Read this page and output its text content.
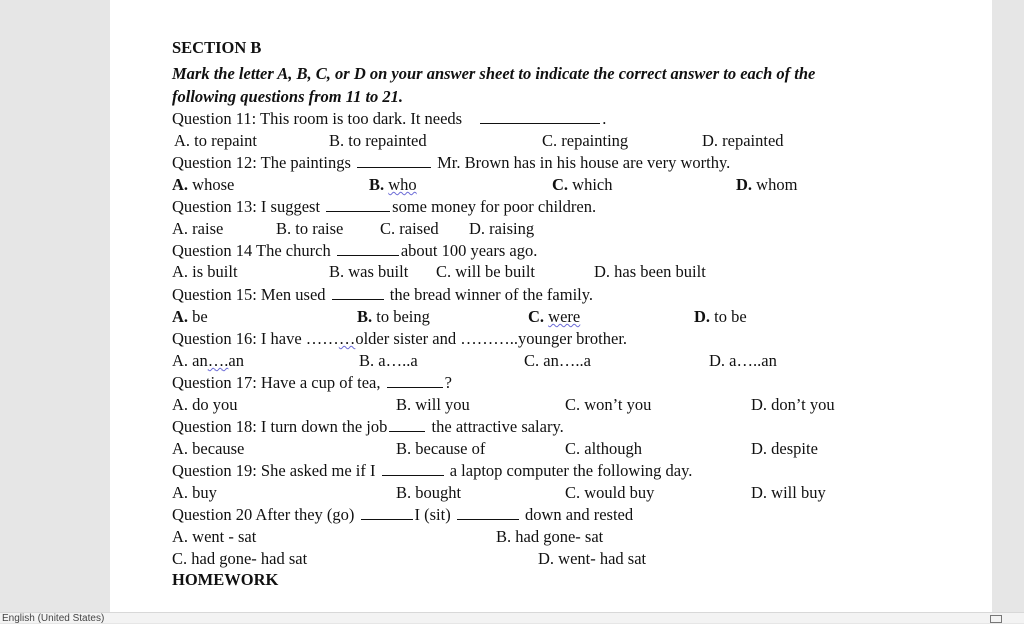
SECTION B
Mark the letter A, B, C, or D on your answer sheet to indicate the correct answer to each of the
following questions from 11 to 21.
Question 11: This room is too dark. It needs	.
A. to repaint	B. to repainted	C. repainting	D. repainted
Question 12: The paintings	Mr. Brown has in his house are very worthy.
A. whose	B. who	C. which	D. whom
Question 13: I suggest	some money for poor children.
A. raise	B. to raise C. raised D. raising
Question 14 The church	about 100 years ago.
A. is built	B. was built C. will be built	D. has been built
Question 15: Men used	the bread winner of the family.
A. be	B. to being	C. were	D. to be
Question 16: I have ………older sister and ………..younger brother.
A. an….an	B. a…..a	C. an…..a	D. a…..an
Question 17: Have a cup of tea,	?
A. do you	B. will you	C. won’t you	D. don’t you
Question 18: I turn down the job	the attractive salary.
A. because	B. because of	C. although	D. despite
Question 19: She asked me if I	a laptop computer the following day.
A. buy	B. bought	C. would buy	D. will buy
Question 20 After they (go)	I (sit)	down and rested
A. went - sat	B. had gone- sat
C. had gone- had sat	D. went- had sat
HOMEWORK
English (United States)
